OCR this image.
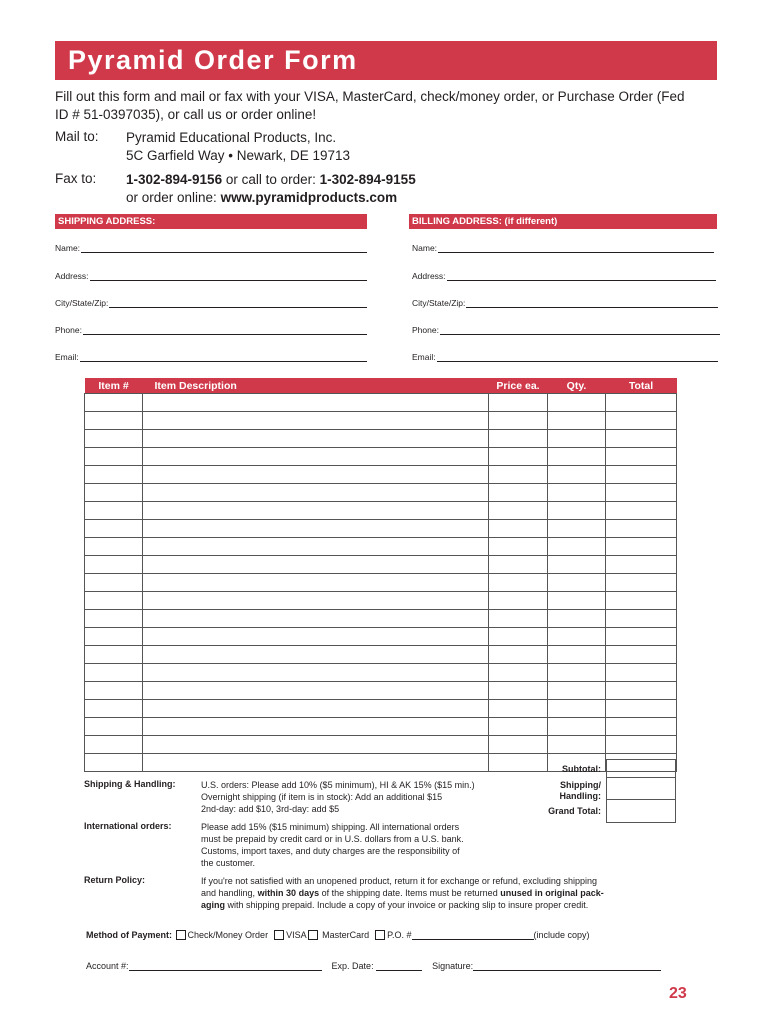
Pyramid Order Form
Fill out this form and mail or fax with your VISA, MasterCard, check/money order, or Purchase Order (Fed ID # 51-0397035), or call us or order online!
Mail to: Pyramid Educational Products, Inc.
5C Garfield Way • Newark, DE 19713
Fax to: 1-302-894-9156 or call to order: 1-302-894-9155
or order online: www.pyramidproducts.com
SHIPPING ADDRESS:	BILLING ADDRESS: (if different)
Name:
Address:
City/State/Zip:
Phone:
Email:
Name:
Address:
City/State/Zip:
Phone:
Email:
Item #	Item Description	Price ea.	Qty.	Total

Subtotal:
Shipping/
Handling:
Grand Total:
Shipping & Handling:	U.S. orders: Please add 10% ($5 minimum), HI & AK 15% ($15 min.)
Overnight shipping (if item is in stock): Add an additional $15
2nd-day: add $10, 3rd-day: add $5
International orders:	Please add 15% ($15 minimum) shipping. All international orders
must be prepaid by credit card or in U.S. dollars from a U.S. bank.
Customs, import taxes, and duty charges are the responsibility of
the customer.
Return Policy:	If you're not satisfied with an unopened product, return it for exchange or refund, excluding shipping
and handling, within 30 days of the shipping date. Items must be returned unused in original pack-
aging with shipping prepaid. Include a copy of your invoice or packing slip to insure proper credit.
Method of Payment:
Check/Money Order
VISA
MasterCard
P.O. #	(include copy)
Account #:	Exp. Date:	Signature:
23
